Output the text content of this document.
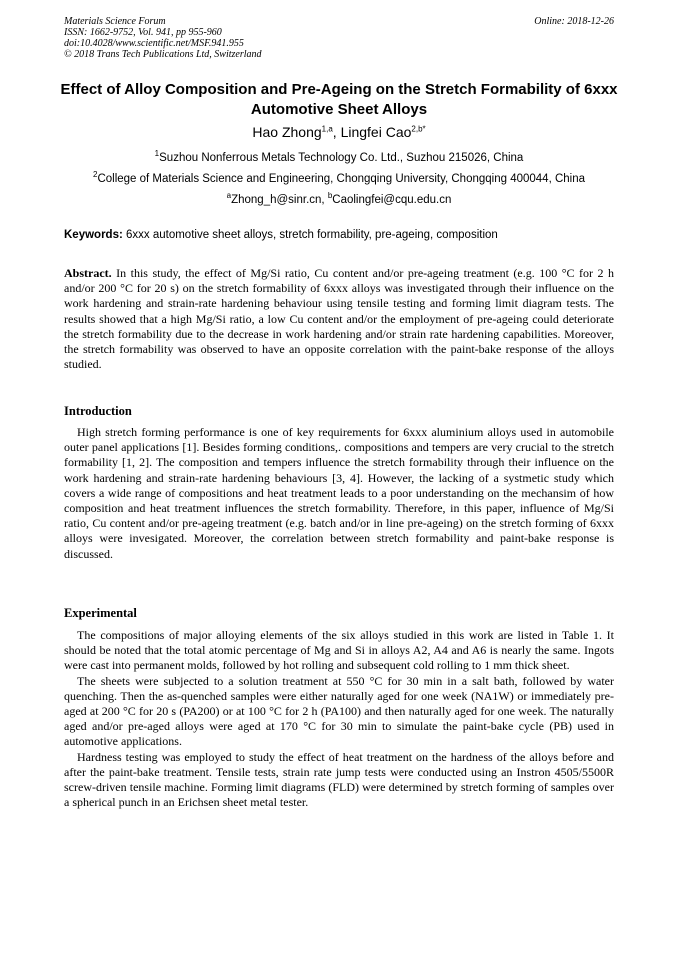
Materials Science Forum
ISSN: 1662-9752, Vol. 941, pp 955-960
doi:10.4028/www.scientific.net/MSF.941.955
© 2018 Trans Tech Publications Ltd, Switzerland
Online: 2018-12-26
Effect of Alloy Composition and Pre-Ageing on the Stretch Formability of 6xxx Automotive Sheet Alloys
Hao Zhong$^{1,a}$, Lingfei Cao$^{2,b*}$
$^1$Suzhou Nonferrous Metals Technology Co. Ltd., Suzhou 215026, China
$^2$College of Materials Science and Engineering, Chongqing University, Chongqing 400044, China
$^a$Zhong_h@sinr.cn, $^b$Caolingfei@cqu.edu.cn
Keywords: 6xxx automotive sheet alloys, stretch formability, pre-ageing, composition

Abstract. In this study, the effect of Mg/Si ratio, Cu content and/or pre-ageing treatment (e.g. 100 °C for 2 h and/or 200 °C for 20 s) on the stretch formability of 6xxx alloys was investigated through their influence on the work hardening and strain-rate hardening behaviour using tensile testing and forming limit diagram tests. The results showed that a high Mg/Si ratio, a low Cu content and/or the employment of pre-ageing could deteriorate the stretch formability due to the decrease in work hardening and/or strain rate hardening capabilities. Moreover, the stretch formability was observed to have an opposite correlation with the paint-bake response of the alloys studied.

Introduction

High stretch forming performance is one of key requirements for 6xxx aluminium alloys used in automobile outer panel applications [1]. Besides forming conditions,. compositions and tempers are very crucial to the stretch formability [1, 2]. The composition and tempers influence the stretch formability through their influence on the work hardening and strain-rate hardening behaviours [3, 4]. However, the lacking of a systmetic study which covers a wide range of compositions and heat treatment leads to a poor understanding on the mechansim of how composition and heat treatment influences the stretch formability. Therefore, in this paper, influence of Mg/Si ratio, Cu content and/or pre-ageing treatment (e.g. batch and/or in line pre-ageing) on the stretch forming of 6xxx alloys were invesigated. Moreover, the correlation between stretch formability and paint-bake response is discussed.

Experimental

The compositions of major alloying elements of the six alloys studied in this work are listed in Table 1. It should be noted that the total atomic percentage of Mg and Si in alloys A2, A4 and A6 is nearly the same. Ingots were cast into permanent molds, followed by hot rolling and subsequent cold rolling to 1 mm thick sheet.

The sheets were subjected to a solution treatment at 550 °C for 30 min in a salt bath, followed by water quenching. Then the as-quenched samples were either naturally aged for one week (NA1W) or immediately pre-aged at 200 °C for 20 s (PA200) or at 100 °C for 2 h (PA100) and then naturally aged for one week. The naturally aged and/or pre-aged alloys were aged at 170 °C for 30 min to simulate the paint-bake cycle (PB) used in automotive applications.

Hardness testing was employed to study the effect of heat treatment on the hardness of the alloys before and after the paint-bake treatment. Tensile tests, strain rate jump tests were conducted using an Instron 4505/5500R screw-driven tensile machine. Forming limit diagrams (FLD) were determined by stretch forming of samples over a spherical punch in an Erichsen sheet metal tester.
